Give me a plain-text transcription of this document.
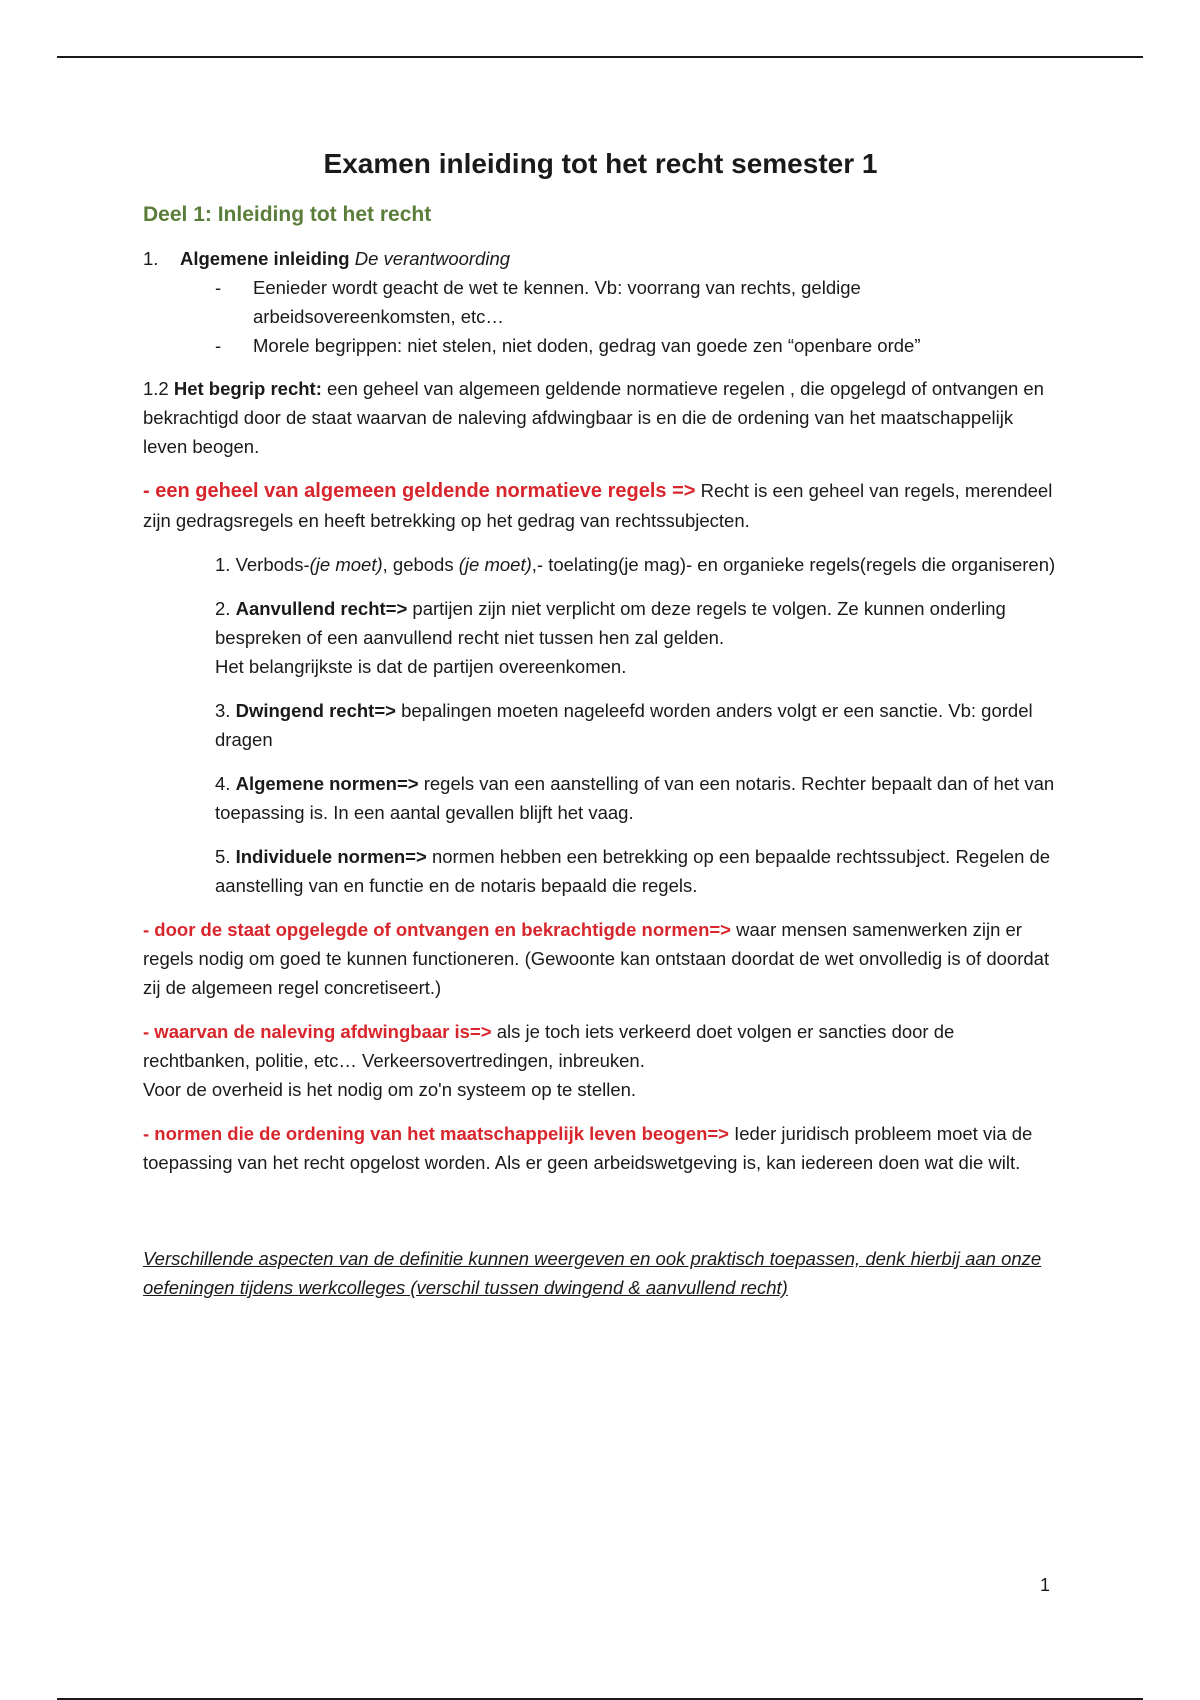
Examen inleiding tot het recht semester 1
Deel 1: Inleiding tot het recht
1.	Algemene inleiding De verantwoording
-	Eenieder wordt geacht de wet te kennen. Vb: voorrang van rechts, geldige arbeidsovereenkomsten, etc…
-	Morele begrippen: niet stelen, niet doden, gedrag van goede zen “openbare orde”

1.2 Het begrip recht: een geheel van algemeen geldende normatieve regelen , die opgelegd of ontvangen en bekrachtigd door de staat waarvan de naleving afdwingbaar is en die de ordening van het maatschappelijk leven beogen.

- een geheel van algemeen geldende normatieve regels => Recht is een geheel van regels, merendeel zijn gedragsregels en heeft betrekking op het gedrag van rechtssubjecten.

1. Verbods-(je moet), gebods (je moet),- toelating(je mag)- en organieke regels(regels die organiseren)

2. Aanvullend recht=> partijen zijn niet verplicht om deze regels te volgen. Ze kunnen onderling bespreken of een aanvullend recht niet tussen hen zal gelden.
Het belangrijkste is dat de partijen overeenkomen.

3. Dwingend recht=> bepalingen moeten nageleefd worden anders volgt er een sanctie. Vb: gordel dragen

4. Algemene normen=> regels van een aanstelling of van een notaris. Rechter bepaalt dan of het van toepassing is. In een aantal gevallen blijft het vaag.

5. Individuele normen=> normen hebben een betrekking op een bepaalde rechtssubject. Regelen de aanstelling van en functie en de notaris bepaald die regels.

- door de staat opgelegde of ontvangen en bekrachtigde normen=> waar mensen samenwerken zijn er regels nodig om goed te kunnen functioneren. (Gewoonte kan ontstaan doordat de wet onvolledig is of doordat zij de algemeen regel concretiseert.)

- waarvan de naleving afdwingbaar is=> als je toch iets verkeerd doet volgen er sancties door de rechtbanken, politie, etc… Verkeersovertredingen, inbreuken.
Voor de overheid is het nodig om zo'n systeem op te stellen.

- normen die de ordening van het maatschappelijk leven beogen=> Ieder juridisch probleem moet via de toepassing van het recht opgelost worden. Als er geen arbeidswetgeving is, kan iedereen doen wat die wilt.

Verschillende aspecten van de definitie kunnen weergeven en ook praktisch toepassen, denk hierbij aan onze oefeningen tijdens werkcolleges (verschil tussen dwingend & aanvullend recht)

1
